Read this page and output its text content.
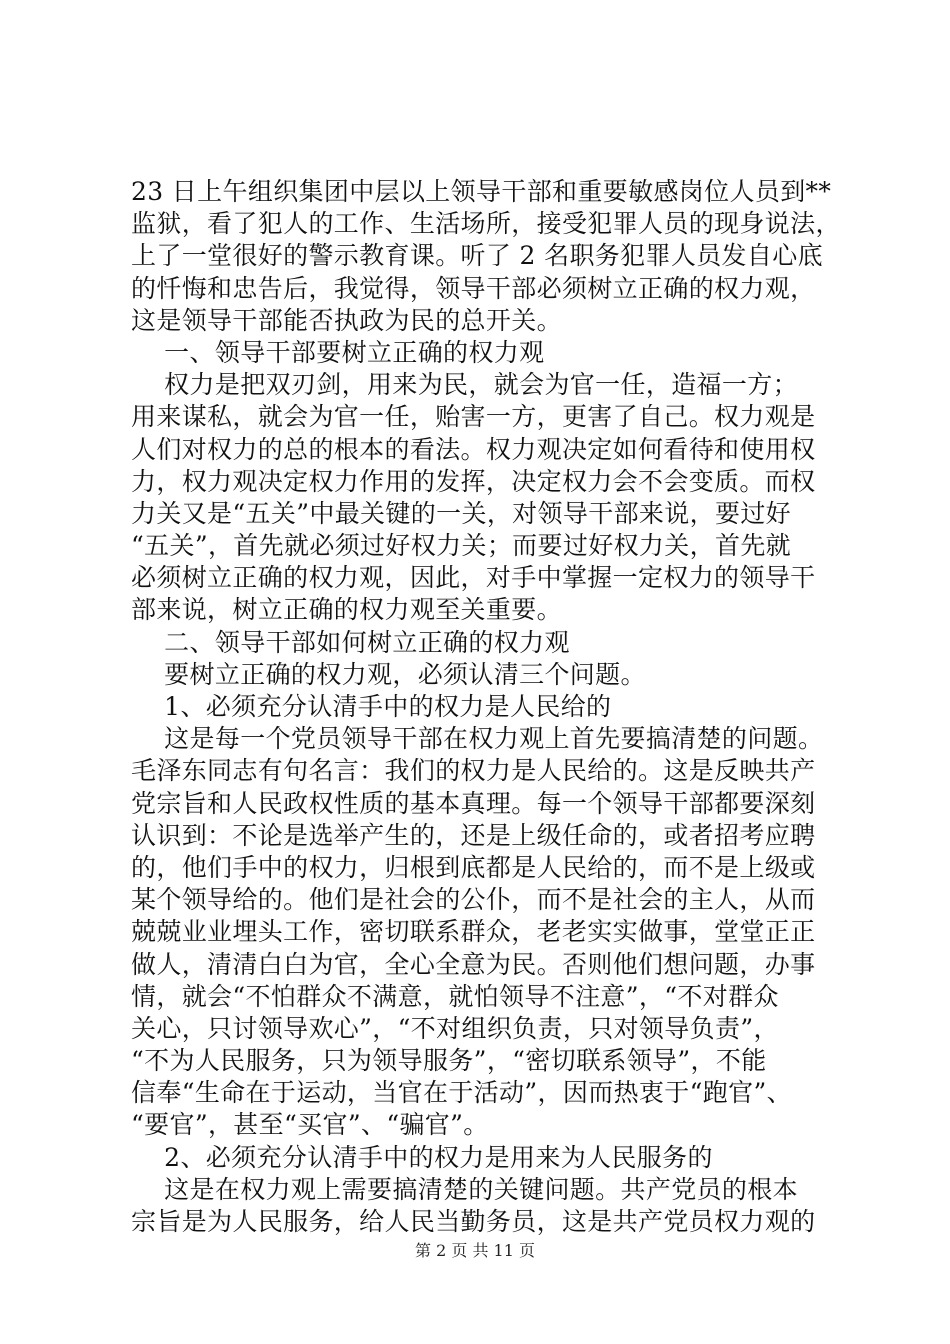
23 日上午组织集团中层以上领导干部和重要敏感岗位人员到**
监狱，看了犯人的工作、生活场所，接受犯罪人员的现身说法，
上了一堂很好的警示教育课。听了 2 名职务犯罪人员发自心底
的忏悔和忠告后，我觉得，领导干部必须树立正确的权力观，
这是领导干部能否执政为民的总开关。
一、领导干部要树立正确的权力观
权力是把双刃剑，用来为民，就会为官一任，造福一方；
用来谋私，就会为官一任，贻害一方，更害了自己。权力观是
人们对权力的总的根本的看法。权力观决定如何看待和使用权
力，权力观决定权力作用的发挥，决定权力会不会变质。而权
力关又是“五关”中最关键的一关，对领导干部来说，要过好
“五关”，首先就必须过好权力关；而要过好权力关，首先就
必须树立正确的权力观，因此，对手中掌握一定权力的领导干
部来说，树立正确的权力观至关重要。
二、领导干部如何树立正确的权力观
要树立正确的权力观，必须认清三个问题。
1、必须充分认清手中的权力是人民给的
这是每一个党员领导干部在权力观上首先要搞清楚的问题。
毛泽东同志有句名言：我们的权力是人民给的。这是反映共产
党宗旨和人民政权性质的基本真理。每一个领导干部都要深刻
认识到：不论是选举产生的，还是上级任命的，或者招考应聘
的，他们手中的权力，归根到底都是人民给的，而不是上级或
某个领导给的。他们是社会的公仆，而不是社会的主人，从而
兢兢业业埋头工作，密切联系群众，老老实实做事，堂堂正正
做人，清清白白为官，全心全意为民。否则他们想问题，办事
情，就会“不怕群众不满意，就怕领导不注意”，“不对群众
关心，只讨领导欢心”，“不对组织负责，只对领导负责”，
“不为人民服务，只为领导服务”，“密切联系领导”，不能
信奉“生命在于运动，当官在于活动”，因而热衷于“跑官”、
“要官”，甚至“买官”、“骗官”。
2、必须充分认清手中的权力是用来为人民服务的
这是在权力观上需要搞清楚的关键问题。共产党员的根本
宗旨是为人民服务，给人民当勤务员，这是共产党员权力观的
第 2 页 共 11 页
